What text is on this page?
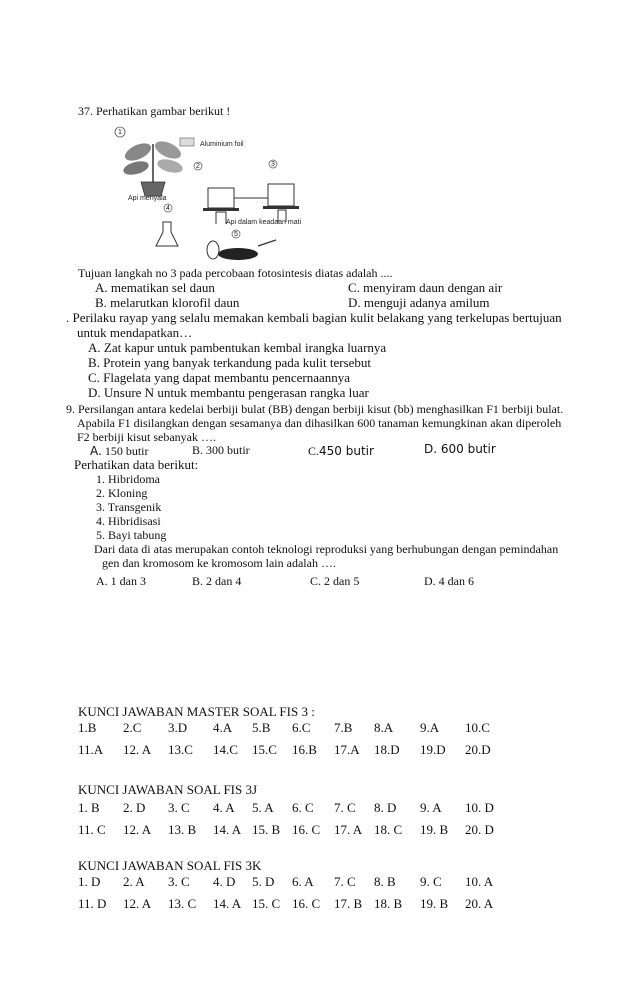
37. Perhatikan gambar berikut !
1
Aluminium foil
2	3
Api menyala
Api dalam keadaan mati
4
5
Tujuan langkah no 3 pada percobaan fotosintesis diatas adalah ....
A. mematikan sel daun	C. menyiram daun dengan air
B. melarutkan klorofil daun	D. menguji adanya amilum
. Perilaku rayap yang selalu memakan kembali bagian kulit belakang yang terkelupas bertujuan
untuk mendapatkan…
A. Zat kapur untuk pambentukan kembal irangka luarnya
B. Protein yang banyak terkandung pada kulit tersebut
C. Flagelata yang dapat membantu pencernaannya
D. Unsure N untuk membantu pengerasan rangka luar
9. Persilangan antara kedelai berbiji bulat (BB) dengan berbiji kisut (bb) menghasilkan F1 berbiji bulat.
Apabila F1 disilangkan dengan sesamanya dan dihasilkan 600 tanaman kemungkinan akan diperoleh
F2 berbiji kisut sebanyak ….
A. 150 butir	B. 300 butir	C.450 butir	D. 600 butir
Perhatikan data berikut:
1. Hibridoma
2. Kloning
3. Transgenik
4. Hibridisasi
5. Bayi tabung
Dari data di atas merupakan contoh teknologi reproduksi yang berhubungan dengan pemindahan
gen dan kromosom ke kromosom lain adalah ….
A. 1 dan 3	B. 2 dan 4	C. 2 dan 5	D. 4 dan 6
KUNCI JAWABAN MASTER SOAL FIS 3 :
1.B 2.C 3.D 4.A 5.B 6.C 7.B 8.A 9.A 10.C
11.A 12. A 13.C 14.C 15.C 16.B 17.A 18.D 19.D 20.D
KUNCI JAWABAN SOAL FIS 3J
1. B 2. D 3. C 4. A 5. A 6. C 7. C 8. D 9. A 10. D
11. C 12. A 13. B 14. A 15. B 16. C 17. A 18. C 19. B 20. D
KUNCI JAWABAN SOAL FIS 3K
1. D 2. A 3. C 4. D 5. D 6. A 7. C 8. B 9. C 10. A
11. D 12. A 13. C 14. A 15. C 16. C 17. B 18. B 19. B 20. A
